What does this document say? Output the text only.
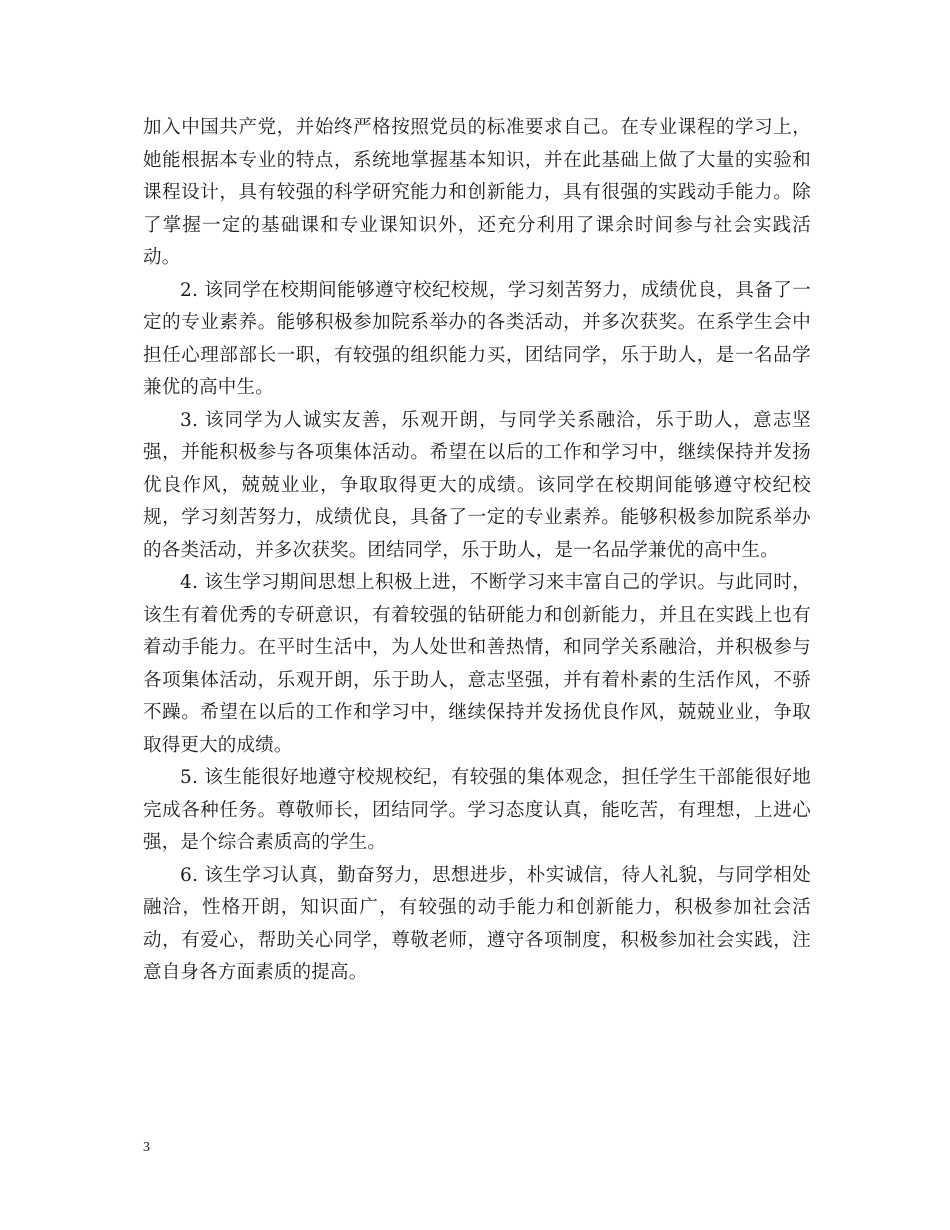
加入中国共产党，并始终严格按照党员的标准要求自己。在专业课程的学习上，她能根据本专业的特点，系统地掌握基本知识，并在此基础上做了大量的实验和课程设计，具有较强的科学研究能力和创新能力，具有很强的实践动手能力。除了掌握一定的基础课和专业课知识外，还充分利用了课余时间参与社会实践活动。

2. 该同学在校期间能够遵守校纪校规，学习刻苦努力，成绩优良，具备了一定的专业素养。能够积极参加院系举办的各类活动，并多次获奖。在系学生会中担任心理部部长一职，有较强的组织能力买，团结同学，乐于助人，是一名品学兼优的高中生。

3. 该同学为人诚实友善，乐观开朗，与同学关系融洽，乐于助人，意志坚强，并能积极参与各项集体活动。希望在以后的工作和学习中，继续保持并发扬优良作风，兢兢业业，争取取得更大的成绩。该同学在校期间能够遵守校纪校规，学习刻苦努力，成绩优良，具备了一定的专业素养。能够积极参加院系举办的各类活动，并多次获奖。团结同学，乐于助人，是一名品学兼优的高中生。

4. 该生学习期间思想上积极上进，不断学习来丰富自己的学识。与此同时，该生有着优秀的专研意识，有着较强的钻研能力和创新能力，并且在实践上也有着动手能力。在平时生活中，为人处世和善热情，和同学关系融洽，并积极参与各项集体活动，乐观开朗，乐于助人，意志坚强，并有着朴素的生活作风，不骄不躁。希望在以后的工作和学习中，继续保持并发扬优良作风，兢兢业业，争取取得更大的成绩。

5. 该生能很好地遵守校规校纪，有较强的集体观念，担任学生干部能很好地完成各种任务。尊敬师长，团结同学。学习态度认真，能吃苦，有理想，上进心强，是个综合素质高的学生。

6. 该生学习认真，勤奋努力，思想进步，朴实诚信，待人礼貌，与同学相处融洽，性格开朗，知识面广，有较强的动手能力和创新能力，积极参加社会活动，有爱心，帮助关心同学，尊敬老师，遵守各项制度，积极参加社会实践，注意自身各方面素质的提高。

3
